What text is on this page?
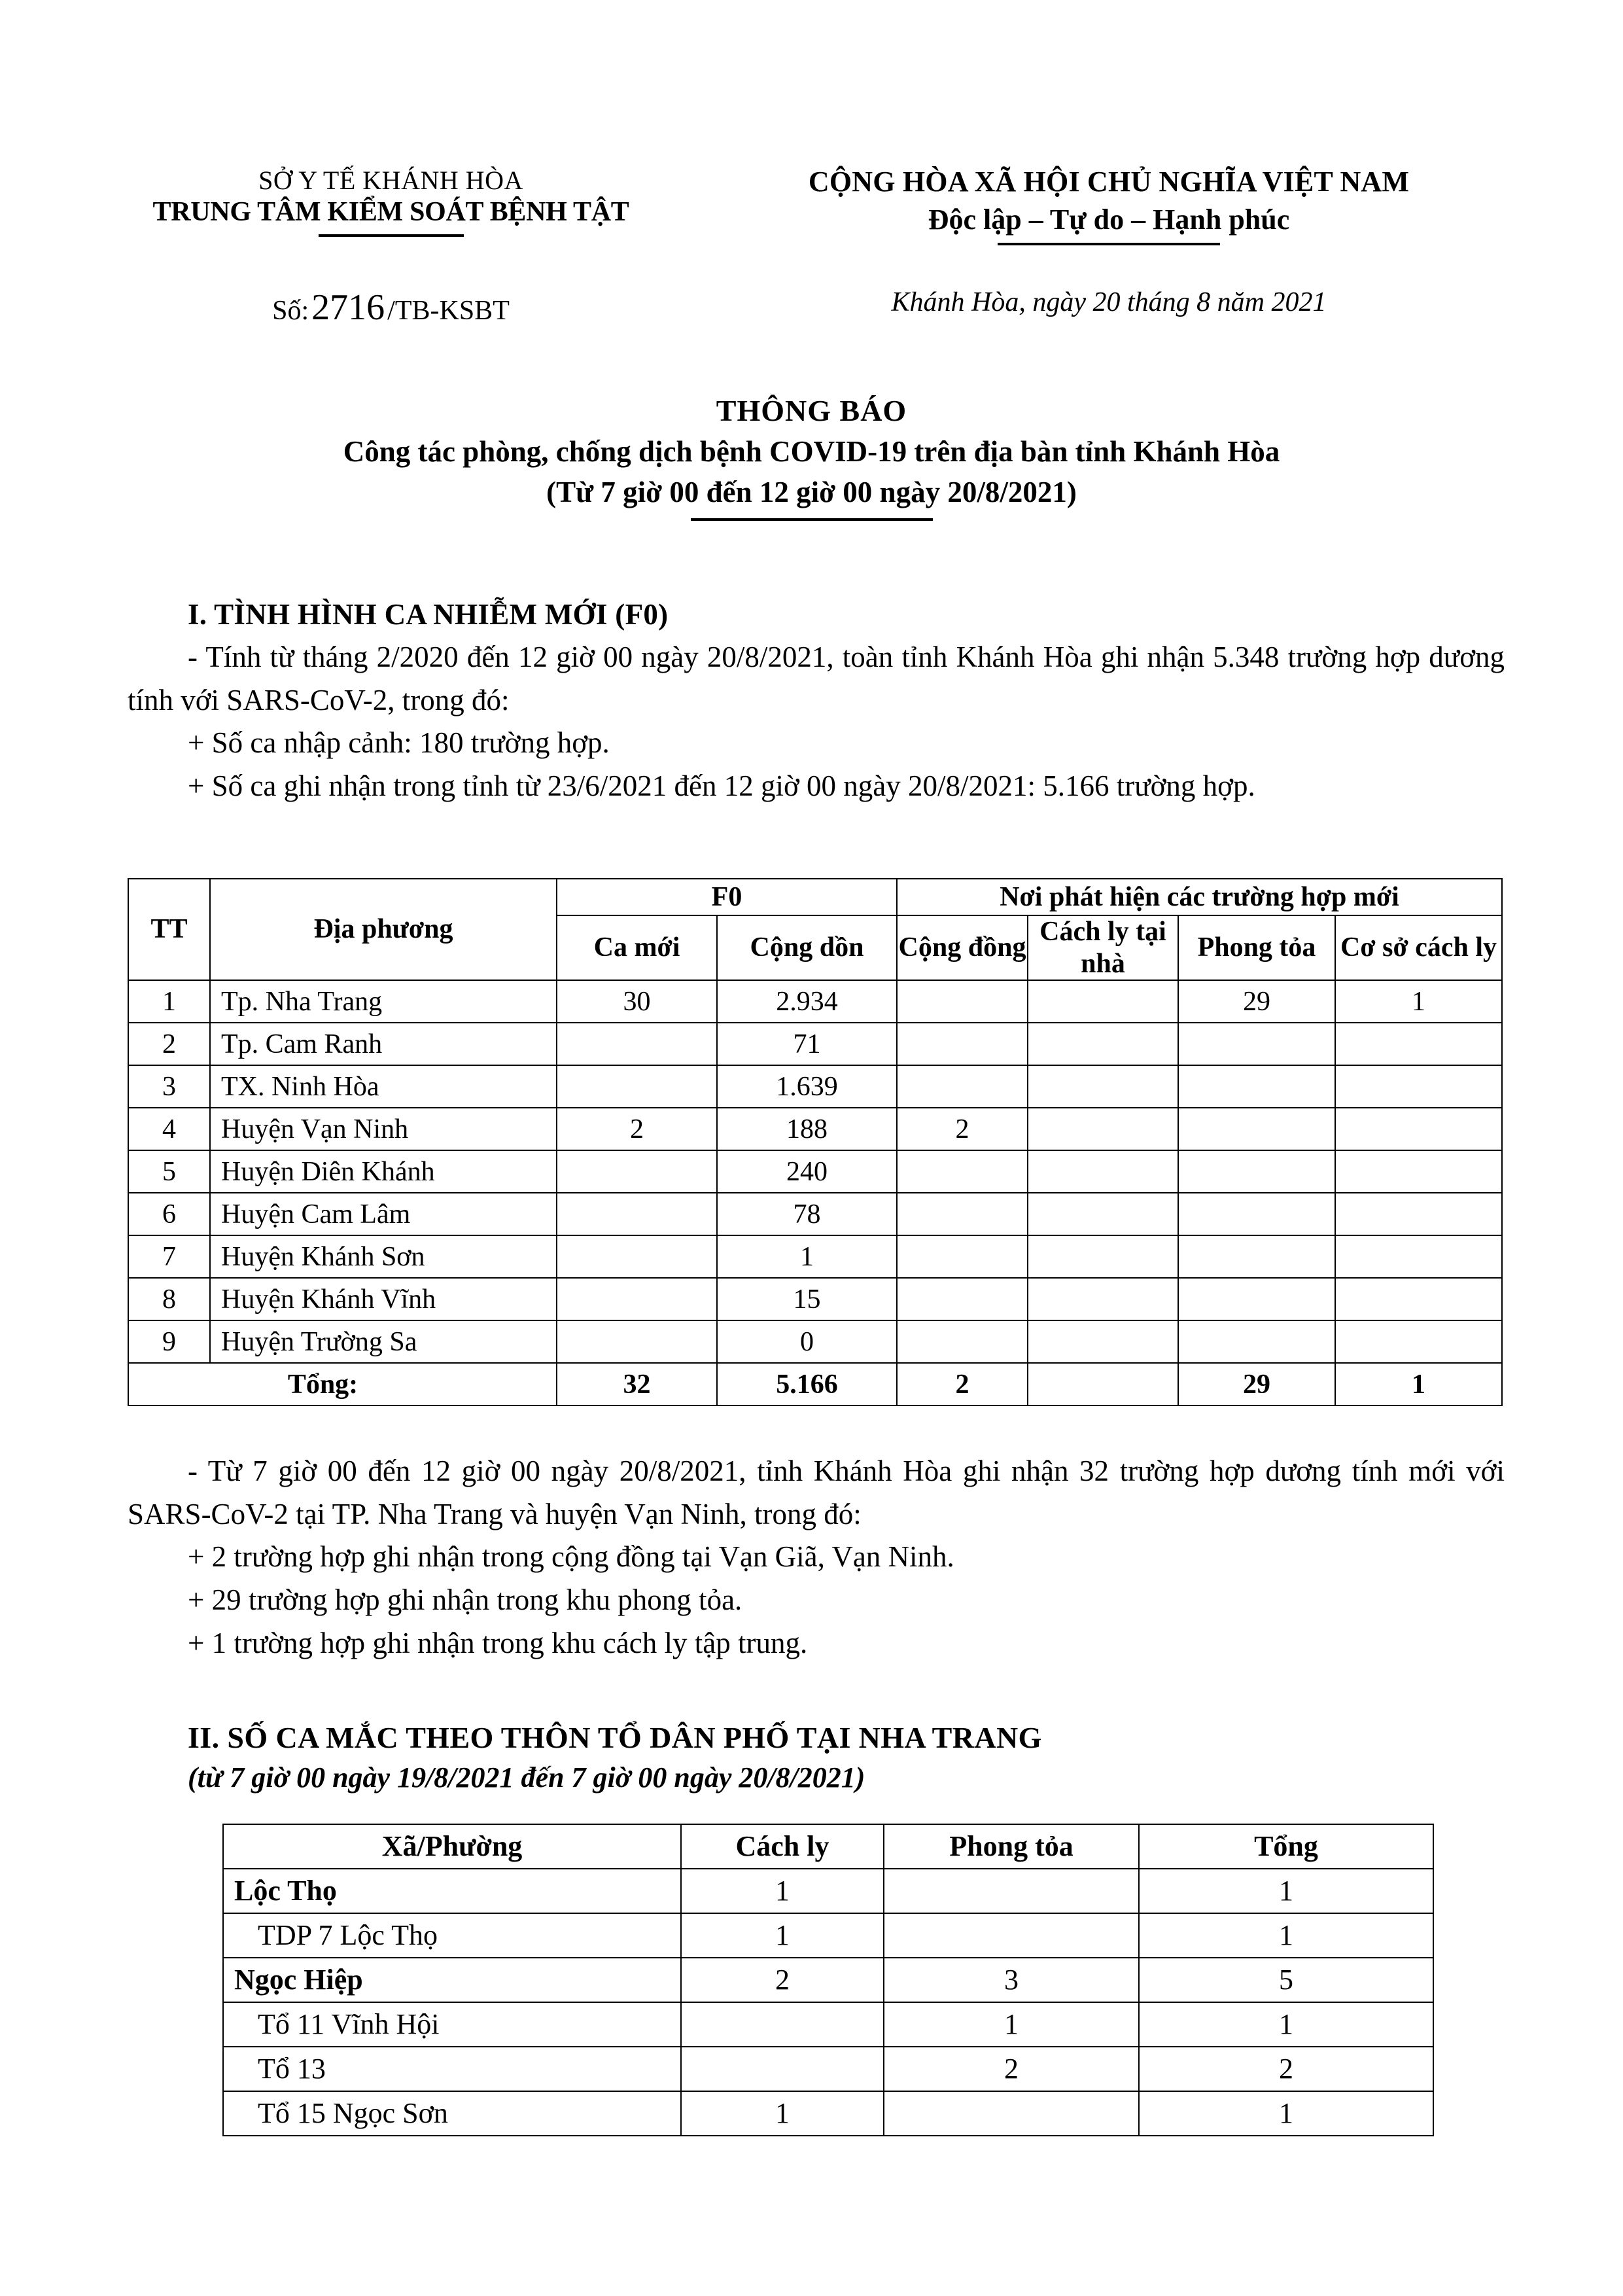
SỞ Y TẾ KHÁNH HÒA
TRUNG TÂM KIỂM SOÁT BỆNH TẬT
CỘNG HÒA XÃ HỘI CHỦ NGHĨA VIỆT NAM
Độc lập – Tự do – Hạnh phúc
Số: 2716 /TB-KSBT	Khánh Hòa, ngày 20 tháng 8 năm 2021
THÔNG BÁO
Công tác phòng, chống dịch bệnh COVID-19 trên địa bàn tỉnh Khánh Hòa
(Từ 7 giờ 00 đến 12 giờ 00 ngày 20/8/2021)
I. TÌNH HÌNH CA NHIỄM MỚI (F0)
- Tính từ tháng 2/2020 đến 12 giờ 00 ngày 20/8/2021, toàn tỉnh Khánh Hòa ghi nhận 5.348 trường hợp dương tính với SARS-CoV-2, trong đó:
+ Số ca nhập cảnh: 180 trường hợp.
+ Số ca ghi nhận trong tỉnh từ 23/6/2021 đến 12 giờ 00 ngày 20/8/2021: 5.166 trường hợp.
TT	Địa phương	F0		Nơi phát hiện các trường hợp mới			
		Ca mới	Cộng dồn	Cộng đồng	Cách ly tại nhà	Phong tỏa	Cơ sở cách ly
1	Tp. Nha Trang	30	2.934			29	1
2	Tp. Cam Ranh		71				
3	TX. Ninh Hòa		1.639				
4	Huyện Vạn Ninh	2	188	2			
5	Huyện Diên Khánh		240				
6	Huyện Cam Lâm		78				
7	Huyện Khánh Sơn		1				
8	Huyện Khánh Vĩnh		15				
9	Huyện Trường Sa		0				
Tổng:		32	5.166	2		29	1
- Từ 7 giờ 00 đến 12 giờ 00 ngày 20/8/2021, tỉnh Khánh Hòa ghi nhận 32 trường hợp dương tính mới với SARS-CoV-2 tại TP. Nha Trang và huyện Vạn Ninh, trong đó:
+ 2 trường hợp ghi nhận trong cộng đồng tại Vạn Giã, Vạn Ninh.
+ 29 trường hợp ghi nhận trong khu phong tỏa.
+ 1 trường hợp ghi nhận trong khu cách ly tập trung.
II. SỐ CA MẮC THEO THÔN TỔ DÂN PHỐ TẠI NHA TRANG
(từ 7 giờ 00 ngày 19/8/2021 đến 7 giờ 00 ngày 20/8/2021)
Xã/Phường	Cách ly	Phong tỏa	Tổng
Lộc Thọ	1		1
TDP 7 Lộc Thọ	1		1
Ngọc Hiệp	2	3	5
Tổ 11 Vĩnh Hội		1	1
Tổ 13		2	2
Tổ 15 Ngọc Sơn	1		1
